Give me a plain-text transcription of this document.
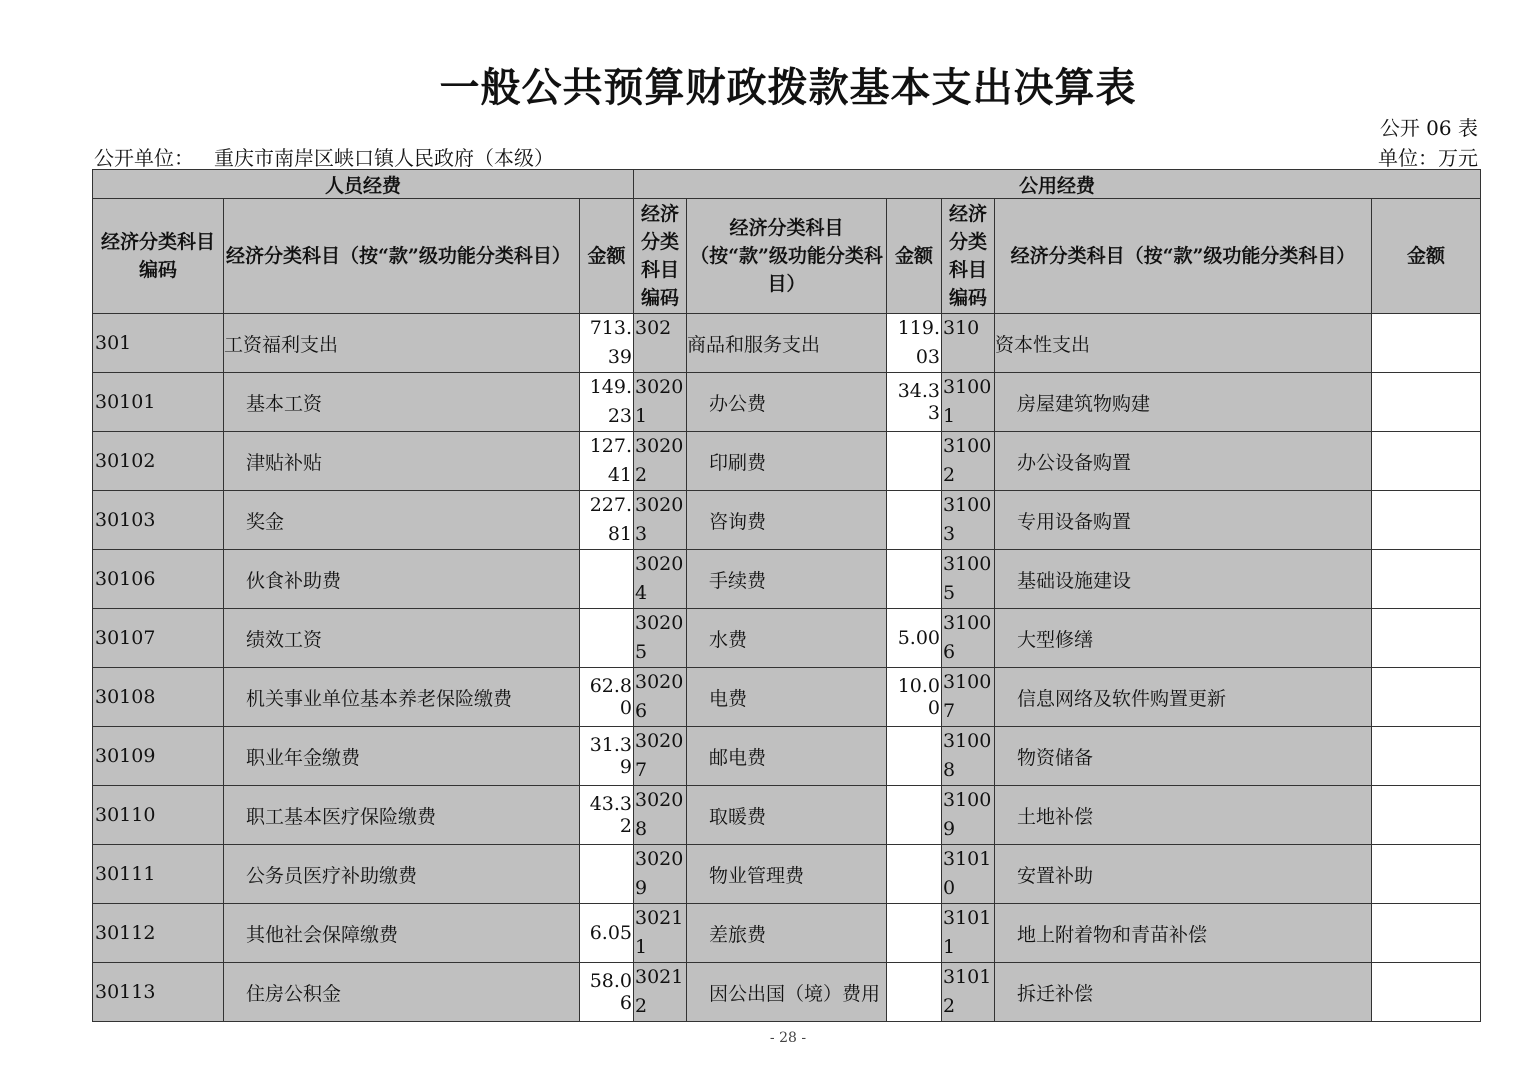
一般公共预算财政拨款基本支出决算表
公开 06 表
公开单位： 重庆市南岸区峡口镇人民政府（本级）	单位：万元
人员经费			公用经费					
经济分类科目编码	经济分类科目（按“款”级功能分类科目）	金额	经济分类科目编码	经济分类科目（按“款”级功能分类科目）	金额	经济分类科目编码	经济分类科目（按“款”级功能分类科目）	金额
301	工资福利支出	713.39	302	商品和服务支出	119.03	310	资本性支出	
30101	基本工资	149.23	30201	办公费	34.33	31001	房屋建筑物购建	
30102	津贴补贴	127.41	30202	印刷费		31002	办公设备购置	
30103	奖金	227.81	30203	咨询费		31003	专用设备购置	
30106	伙食补助费		30204	手续费		31005	基础设施建设	
30107	绩效工资		30205	水费	5.00	31006	大型修缮	
30108	机关事业单位基本养老保险缴费	62.80	30206	电费	10.00	31007	信息网络及软件购置更新	
30109	职业年金缴费	31.39	30207	邮电费		31008	物资储备	
30110	职工基本医疗保险缴费	43.32	30208	取暖费		31009	土地补偿	
30111	公务员医疗补助缴费		30209	物业管理费		31010	安置补助	
30112	其他社会保障缴费	6.05	30211	差旅费		31011	地上附着物和青苗补偿	
30113	住房公积金	58.06	30212	因公出国（境）费用		31012	拆迁补偿	
- 28 -
